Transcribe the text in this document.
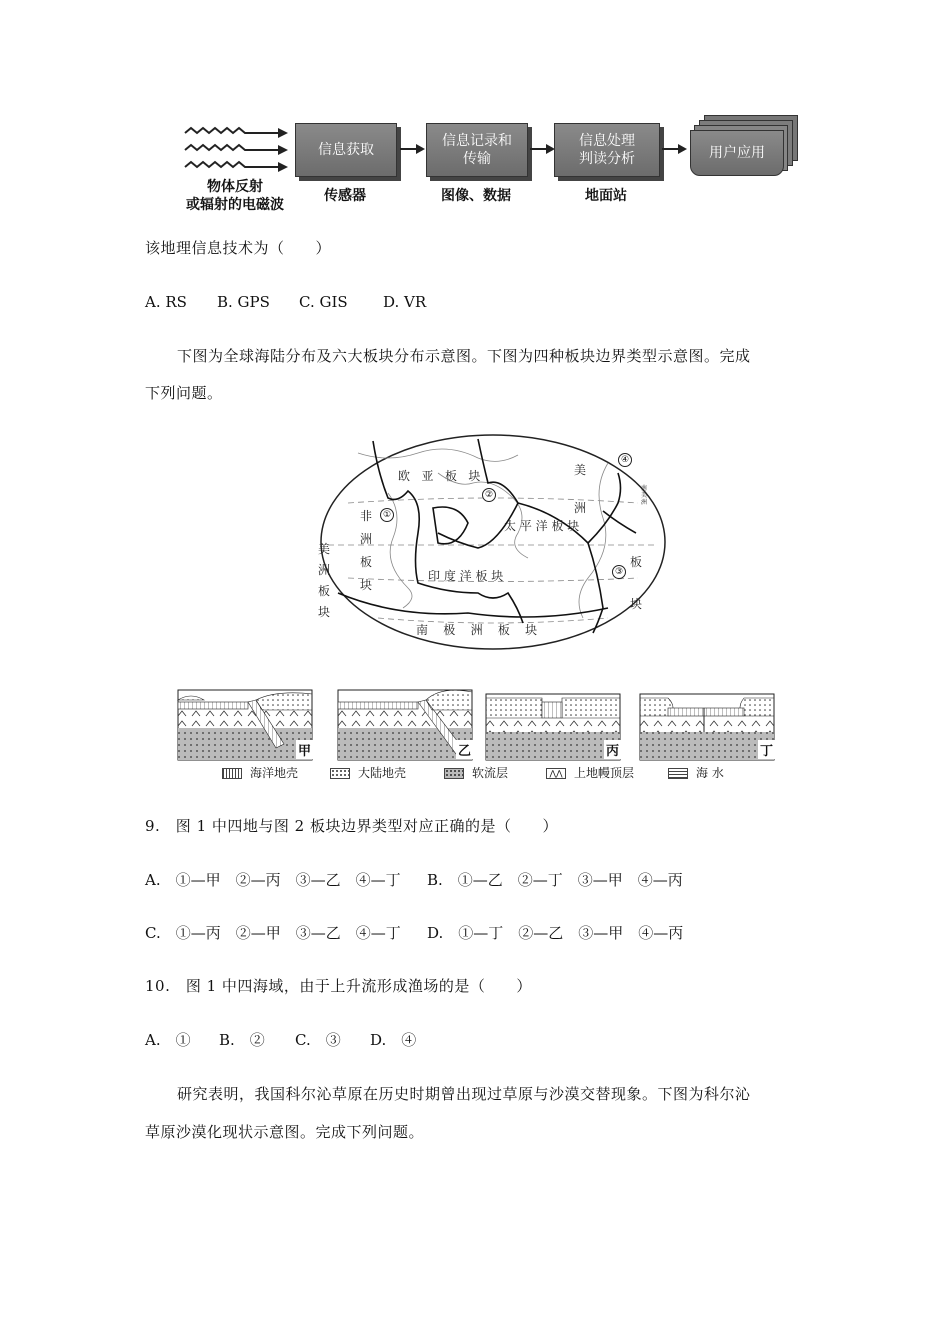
物体反射
或辐射的电磁波
信息获取
传感器
信息记录和
传输
图像、数据
信息处理
判读分析
地面站
用户应用
该地理信息技术为（　　）
A. RS B. GPS C. GIS D. VR
下图为全球海陆分布及六大板块分布示意图。下图为四种板块边界类型示意图。完成
下列问题。
欧 亚 板 块
非
洲
板
块
美
洲
板
块
太 平 洋 板 块
印 度 洋 板 块
南 极 洲 板 块
美
洲
板
块
南 美 洲
①
②
③
④
甲	乙	丙	丁
海洋地壳	大陆地壳	软流层	⋀⋀ 上地幔顶层	海 水
9.　图 1 中四地与图 2 板块边界类型对应正确的是（　　）
A.　①—甲　②—丙　③—乙　④—丁 B.　①—乙　②—丁　③—甲　④—丙
C.　①—丙　②—甲　③—乙　④—丁 D.　①—丁　②—乙　③—甲　④—丙
10.　图 1 中四海域，由于上升流形成渔场的是（　　）
A.　① B.　② C.　③ D.　④
研究表明，我国科尔沁草原在历史时期曾出现过草原与沙漠交替现象。下图为科尔沁
草原沙漠化现状示意图。完成下列问题。
